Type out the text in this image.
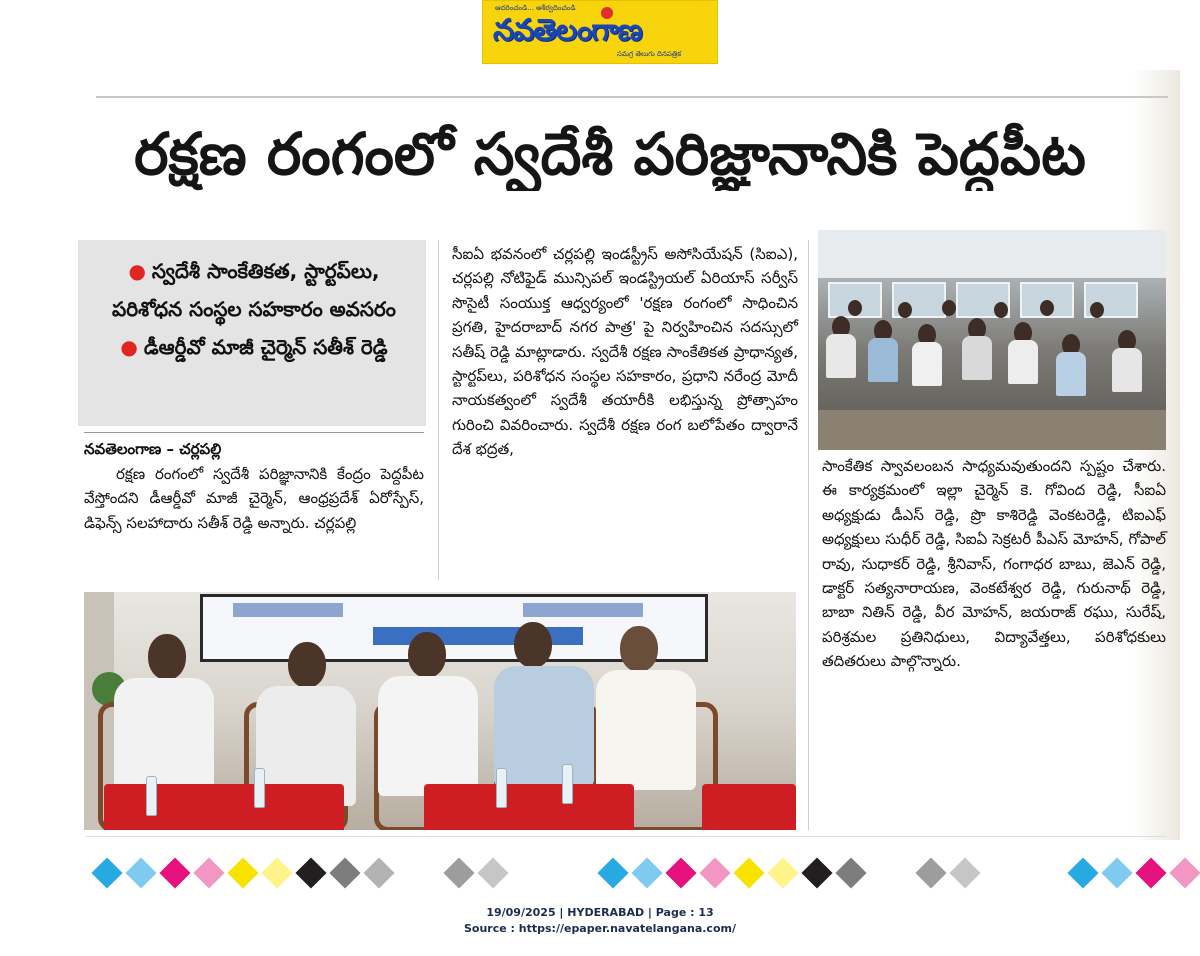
ఆదరించండి... ఆశీర్వదించండి
నవతెలంగాణ
సమగ్ర తెలుగు దినపత్రిక
రక్షణ రంగంలో స్వదేశీ పరిజ్ఞానానికి పెద్దపీట
● స్వదేశీ సాంకేతికత, స్టార్టప్‌లు, పరిశోధన సంస్థల సహకారం అవసరం
● డీఆర్డీవో మాజీ చైర్మెన్ సతీశ్ రెడ్డి
నవతెలంగాణ – చర్లపల్లి

రక్షణ రంగంలో స్వదేశీ పరిజ్ఞానానికి కేంద్రం పెద్దపీట వేస్తోందని డీఆర్డీవో మాజీ చైర్మెన్, ఆంధ్రప్రదేశ్ ఏరోస్పేస్, డిఫెన్స్ సలహాదారు సతీశ్ రెడ్డి అన్నారు. చర్లపల్లి

సీఐఏ భవనంలో చర్లపల్లి ఇండస్ట్రీస్ అసోసియేషన్ (సిఐఎ), చర్లపల్లి నోటిఫైడ్ మున్సిపల్ ఇండస్ట్రియల్ ఏరియాస్ సర్వీస్ సొసైటీ సంయుక్త ఆధ్వర్యంలో 'రక్షణ రంగంలో సాధించిన ప్రగతి, హైదరాబాద్ నగర పాత్ర' పై నిర్వహించిన సదస్సులో సతీష్ రెడ్డి మాట్లాడారు. స్వదేశీ రక్షణ సాంకేతికత ప్రాధాన్యత, స్టార్టప్‌లు, పరిశోధన సంస్థల సహకారం, ప్రధాని నరేంద్ర మోదీ నాయకత్వంలో స్వదేశీ తయారీకి లభిస్తున్న ప్రోత్సాహం గురించి వివరించారు. స్వదేశీ రక్షణ రంగ బలోపేతం ద్వారానే దేశ భద్రత,

సాంకేతిక స్వావలంబన సాధ్యమవుతుందని స్పష్టం చేశారు. ఈ కార్యక్రమంలో ఇల్లా చైర్మెన్ కె. గోవింద రెడ్డి, సీఐఏ అధ్యక్షుడు డీఎస్ రెడ్డి, ప్రొ కాశిరెడ్డి వెంకటరెడ్డి, టిఐఎఫ్ అధ్యక్షులు సుధీర్ రెడ్డి, సిఐఏ సెక్రటరీ పీఎస్ మోహన్, గోపాల్ రావు, సుధాకర్ రెడ్డి, శ్రీనివాస్, గంగాధర బాబు, జెఎన్ రెడ్డి, డాక్టర్ సత్యనారాయణ, వెంకటేశ్వర రెడ్డి, గురునాథ్ రెడ్డి, బాబా నితిన్ రెడ్డి, వీర మోహన్, జయరాజ్ రఘు, సురేష్, పరిశ్రమల ప్రతినిధులు, విద్యావేత్తలు, పరిశోధకులు తదితరులు పాల్గొన్నారు.

19/09/2025 | HYDERABAD | Page : 13
Source : https://epaper.navatelangana.com/
